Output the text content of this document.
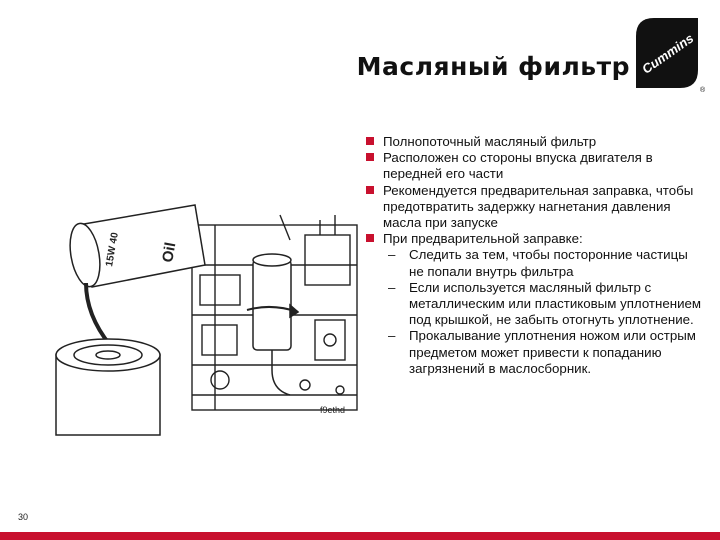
Масляный фильтр Cummins
®
15W 40	Oil
f9ethd
Полнопоточный масляный фильтр
Расположен со стороны впуска двигателя в передней его части
Рекомендуется предварительная заправка, чтобы предотвратить задержку нагнетания давления масла при запуске
При предварительной заправке:
– Следить за тем, чтобы посторонние частицы не попали внутрь фильтра
– Если используется масляный фильтр с металлическим или пластиковым уплотнением под крышкой, не забыть отогнуть уплотнение.
– Прокалывание уплотнения ножом или острым предметом может привести к попаданию загрязнений в маслосборник.
30
